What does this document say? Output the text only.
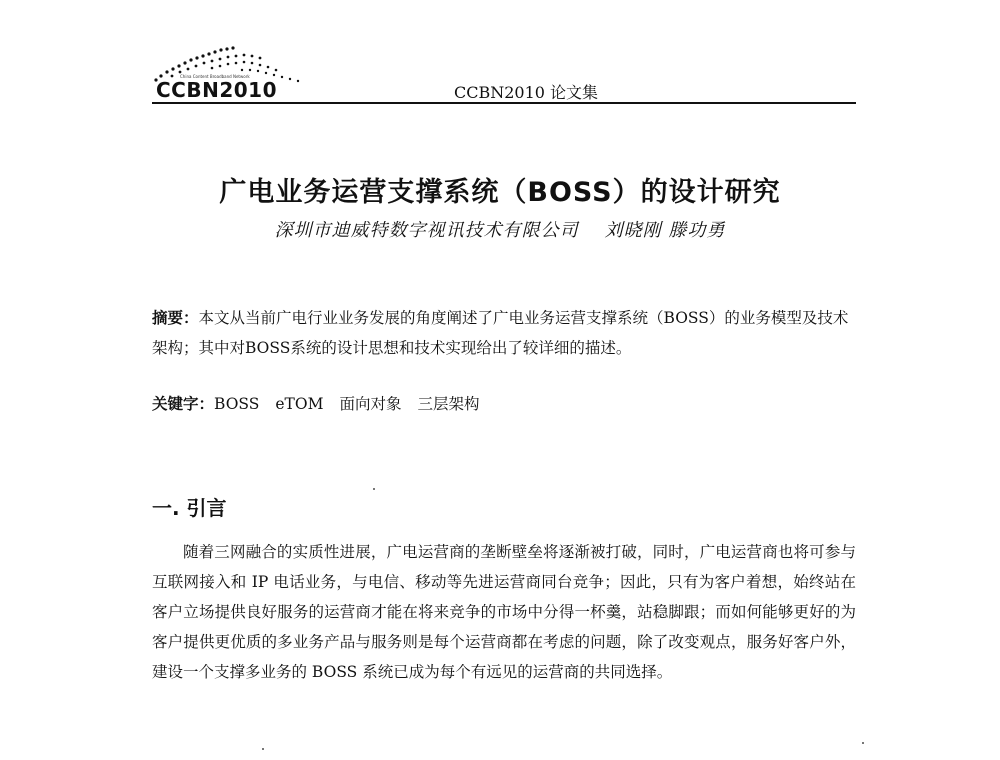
China Content Broadband Network
CCBN2010	CCBN2010 论文集
广电业务运营支撑系统（BOSS）的设计研究
深圳市迪威特数字视讯技术有限公司 刘晓刚 滕功勇
摘要：本文从当前广电行业业务发展的角度阐述了广电业务运营支撑系统（BOSS）的业务模型及技术架构；其中对BOSS系统的设计思想和技术实现给出了较详细的描述。
关键字：BOSS eTOM 面向对象 三层架构
一. 引言

随着三网融合的实质性进展，广电运营商的垄断壁垒将逐渐被打破，同时，广电运营商也将可参与互联网接入和 IP 电话业务，与电信、移动等先进运营商同台竞争；因此，只有为客户着想，始终站在客户立场提供良好服务的运营商才能在将来竞争的市场中分得一杯羹，站稳脚跟；而如何能够更好的为客户提供更优质的多业务产品与服务则是每个运营商都在考虑的问题，除了改变观点，服务好客户外，建设一个支撑多业务的 BOSS 系统已成为每个有远见的运营商的共同选择。
